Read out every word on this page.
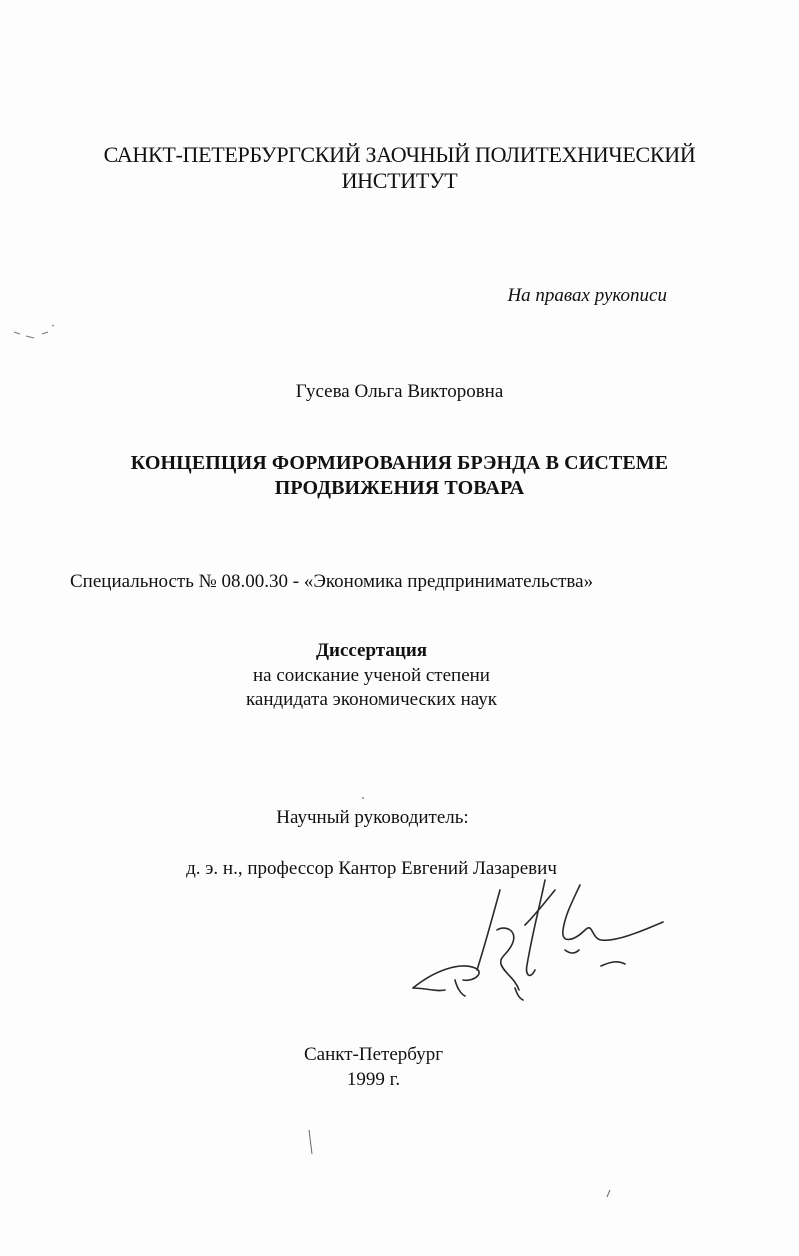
САНКТ-ПЕТЕРБУРГСКИЙ ЗАОЧНЫЙ ПОЛИТЕХНИЧЕСКИЙ
ИНСТИТУТ
На правах рукописи
Гусева Ольга Викторовна
КОНЦЕПЦИЯ ФОРМИРОВАНИЯ БРЭНДА В СИСТЕМЕ
ПРОДВИЖЕНИЯ ТОВАРА
Специальность № 08.00.30 - «Экономика предпринимательства»
Диссертация
на соискание ученой степени
кандидата экономических наук
Научный руководитель:
д. э. н., профессор Кантор Евгений Лазаревич
Санкт-Петербург
1999 г.
